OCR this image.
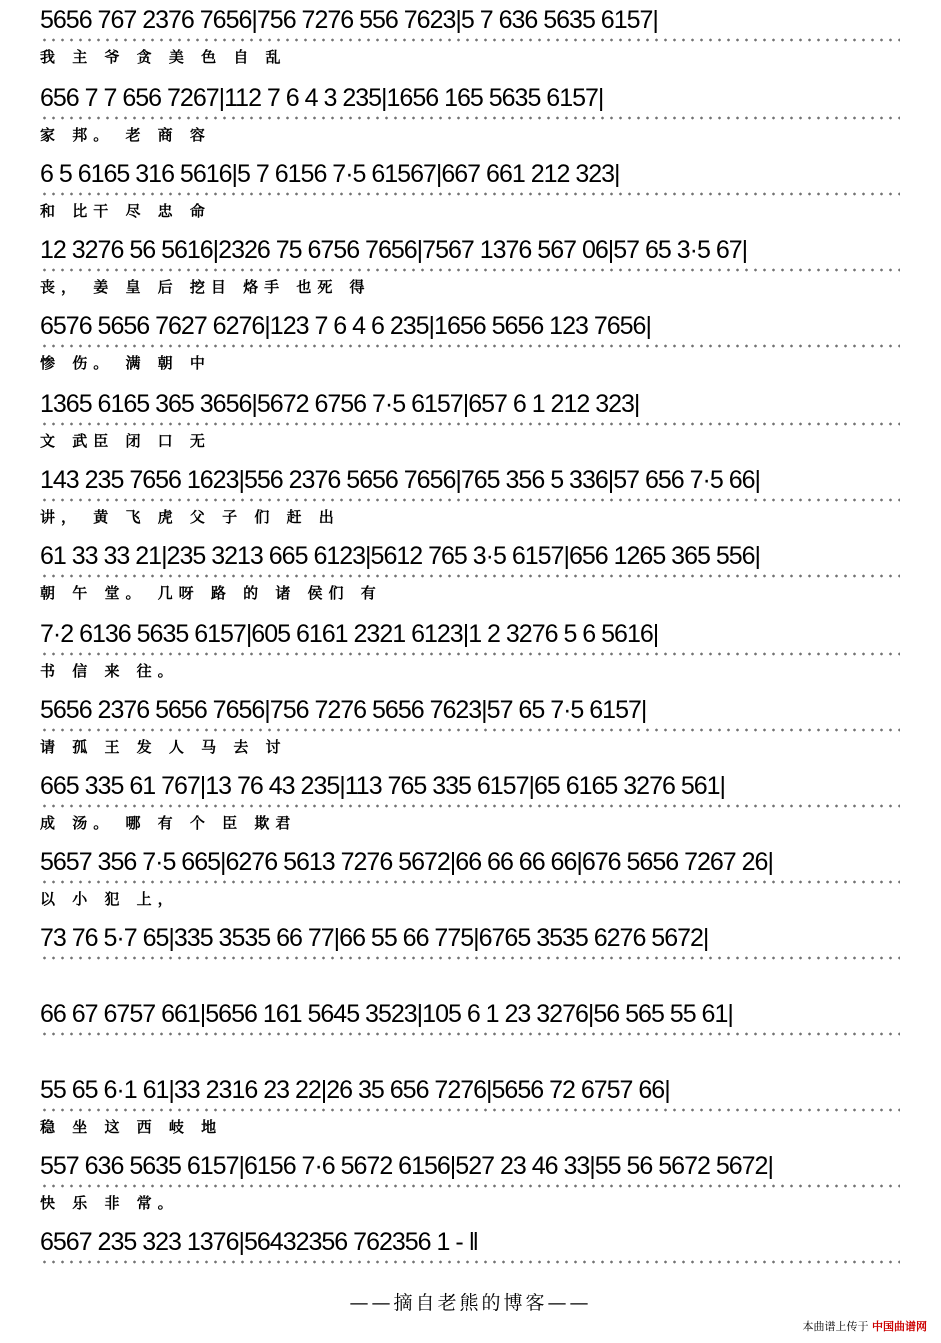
5656 767 2376 7656|756 7276 556 7623|5 7 636 5635 6157|
我 主 爷 贪 美 色 自 乱
656 7 7 656 7267|112 7 6 4 3 235|1656 165 5635 6157|
家 邦。 老 商 容
6 5 6165 316 5616|5 7 6156 7·5 61567|667 661 212 323|
和 比干 尽 忠 命
12 3276 56 5616|2326 75 6756 7656|7567 1376 567 06|57 65 3·5 67|
丧， 姜 皇 后 挖目 烙手 也死 得
6576 5656 7627 6276|123 7 6 4 6 235|1656 5656 123 7656|
惨 伤。 满 朝 中
1365 6165 365 3656|5672 6756 7·5 6157|657 6 1 212 323|
文 武臣 闭 口 无
143 235 7656 1623|556 2376 5656 7656|765 356 5 336|57 656 7·5 66|
讲， 黄 飞 虎 父 子 们 赶 出
61 33 33 21|235 3213 665 6123|5612 765 3·5 6157|656 1265 365 556|
朝 午 堂。 几呀 路 的 诸 侯们 有
7·2 6136 5635 6157|605 6161 2321 6123|1 2 3276 5 6 5616|
书 信 来 往。
5656 2376 5656 7656|756 7276 5656 7623|57 65 7·5 6157|
请 孤 王 发 人 马 去 讨
665 335 61 767|13 76 43 235|113 765 335 6157|65 6165 3276 561|
成 汤。 哪 有 个 臣 欺君
5657 356 7·5 665|6276 5613 7276 5672|66 66 66 66|676 5656 7267 26|
以 小 犯 上，
73 76 5·7 65|335 3535 66 77|66 55 66 775|6765 3535 6276 5672|
66 67 6757 661|5656 161 5645 3523|105 6 1 23 3276|56 565 55 61|
55 65 6·1 61|33 2316 23 22|26 35 656 7276|5656 72 6757 66|
稳 坐 这 西 岐 地
557 636 5635 6157|6156 7·6 5672 6156|527 23 46 33|55 56 5672 5672|
快 乐 非 常。
6567 235 323 1376|56432356 762356 1 - ‖
——摘自老熊的博客——
本曲谱上传于 中国曲谱网
